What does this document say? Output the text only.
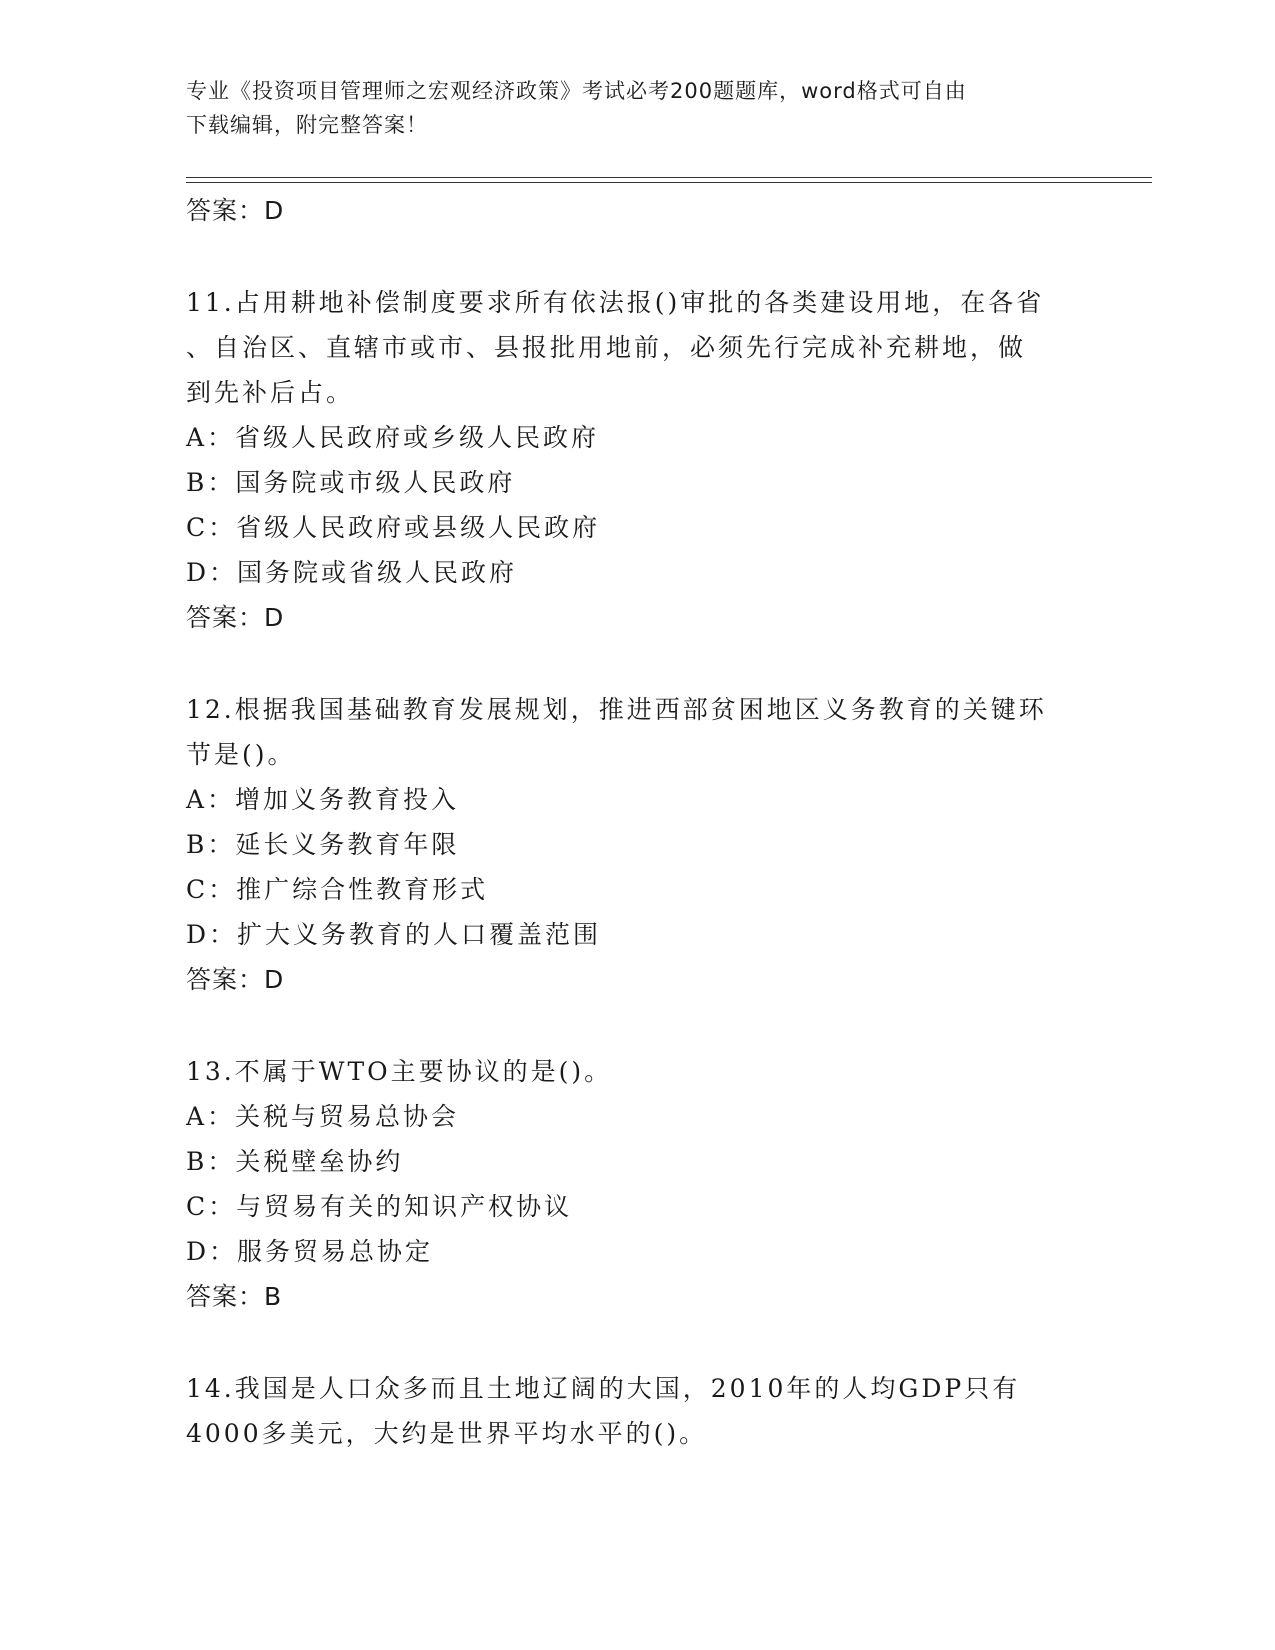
专业《投资项目管理师之宏观经济政策》考试必考200题题库，word格式可自由
下载编辑，附完整答案！
答案：D

11.占用耕地补偿制度要求所有依法报()审批的各类建设用地，在各省

、自治区、直辖市或市、县报批用地前，必须先行完成补充耕地，做

到先补后占。

A：省级人民政府或乡级人民政府

B：国务院或市级人民政府

C：省级人民政府或县级人民政府

D：国务院或省级人民政府

答案：D

12.根据我国基础教育发展规划，推进西部贫困地区义务教育的关键环

节是()。

A：增加义务教育投入

B：延长义务教育年限

C：推广综合性教育形式

D：扩大义务教育的人口覆盖范围

答案：D

13.不属于WTO主要协议的是()。

A：关税与贸易总协会

B：关税壁垒协约

C：与贸易有关的知识产权协议

D：服务贸易总协定

答案：B

14.我国是人口众多而且土地辽阔的大国，2010年的人均GDP只有

4000多美元，大约是世界平均水平的()。
